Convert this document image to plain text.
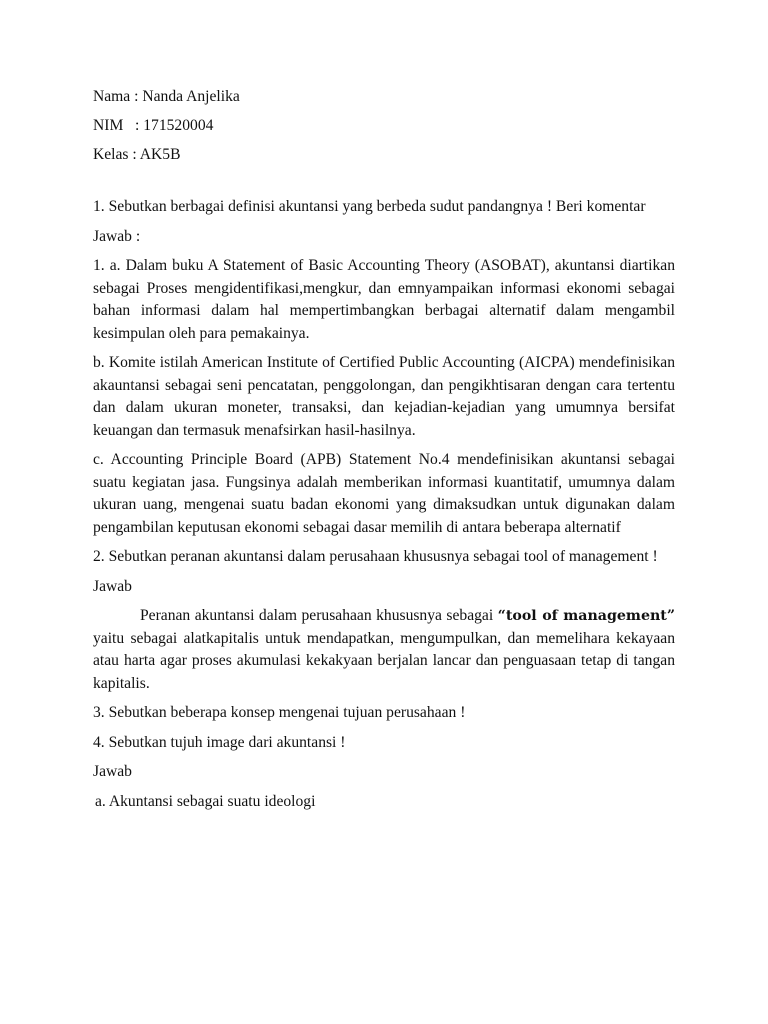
Nama : Nanda Anjelika

NIM   : 171520004

Kelas : AK5B

1. Sebutkan berbagai definisi akuntansi yang berbeda sudut pandangnya ! Beri komentar

Jawab :

1. a. Dalam buku A Statement of Basic Accounting Theory (ASOBAT), akuntansi diartikan sebagai Proses mengidentifikasi,mengkur, dan emnyampaikan informasi ekonomi sebagai bahan informasi dalam hal mempertimbangkan berbagai alternatif dalam mengambil kesimpulan oleh para pemakainya.

b. Komite istilah American Institute of Certified Public Accounting (AICPA) mendefinisikan akauntansi sebagai seni pencatatan, penggolongan, dan pengikhtisaran dengan cara tertentu dan dalam ukuran moneter, transaksi, dan kejadian-kejadian yang umumnya bersifat keuangan dan termasuk menafsirkan hasil-hasilnya.

c. Accounting Principle Board (APB) Statement No.4 mendefinisikan akuntansi sebagai suatu kegiatan jasa. Fungsinya adalah memberikan informasi kuantitatif, umumnya dalam ukuran uang, mengenai suatu badan ekonomi yang dimaksudkan untuk digunakan dalam pengambilan keputusan ekonomi sebagai dasar memilih di antara beberapa alternatif

2. Sebutkan peranan akuntansi dalam perusahaan khususnya sebagai tool of management !

Jawab

Peranan akuntansi dalam perusahaan khususnya sebagai “tool of management” yaitu sebagai alatkapitalis untuk mendapatkan, mengumpulkan, dan memelihara kekayaan atau harta agar proses akumulasi kekakyaan berjalan lancar dan penguasaan tetap di tangan kapitalis.

3. Sebutkan beberapa konsep mengenai tujuan perusahaan !

4. Sebutkan tujuh image dari akuntansi !

Jawab

a. Akuntansi sebagai suatu ideologi
